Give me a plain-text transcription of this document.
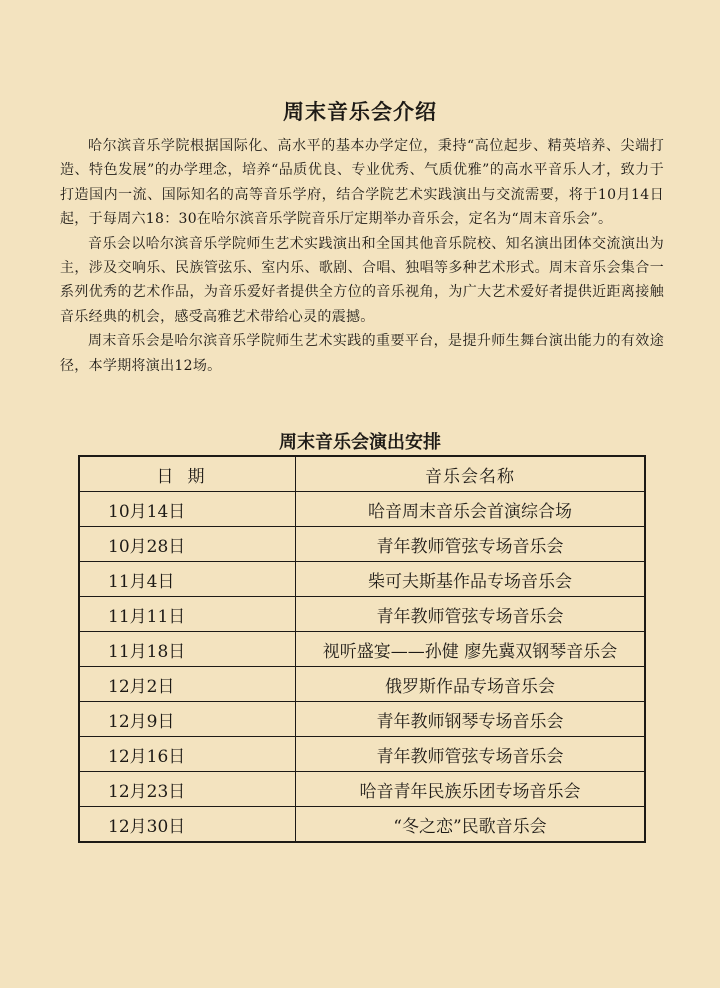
周末音乐会介绍

哈尔滨音乐学院根据国际化、高水平的基本办学定位，秉持“高位起步、精英培养、尖端打造、特色发展”的办学理念，培养“品质优良、专业优秀、气质优雅”的高水平音乐人才，致力于打造国内一流、国际知名的高等音乐学府，结合学院艺术实践演出与交流需要，将于10月14日起，于每周六18：30在哈尔滨音乐学院音乐厅定期举办音乐会，定名为“周末音乐会”。

音乐会以哈尔滨音乐学院师生艺术实践演出和全国其他音乐院校、知名演出团体交流演出为主，涉及交响乐、民族管弦乐、室内乐、歌剧、合唱、独唱等多种艺术形式。周末音乐会集合一系列优秀的艺术作品，为音乐爱好者提供全方位的音乐视角，为广大艺术爱好者提供近距离接触音乐经典的机会，感受高雅艺术带给心灵的震撼。

周末音乐会是哈尔滨音乐学院师生艺术实践的重要平台，是提升师生舞台演出能力的有效途径，本学期将演出12场。

周末音乐会演出安排
日期	音乐会名称
10月14日	哈音周末音乐会首演综合场
10月28日	青年教师管弦专场音乐会
11月4日	柴可夫斯基作品专场音乐会
11月11日	青年教师管弦专场音乐会
11月18日	视听盛宴——孙健 廖先冀双钢琴音乐会
12月2日	俄罗斯作品专场音乐会
12月9日	青年教师钢琴专场音乐会
12月16日	青年教师管弦专场音乐会
12月23日	哈音青年民族乐团专场音乐会
12月30日	“冬之恋”民歌音乐会
